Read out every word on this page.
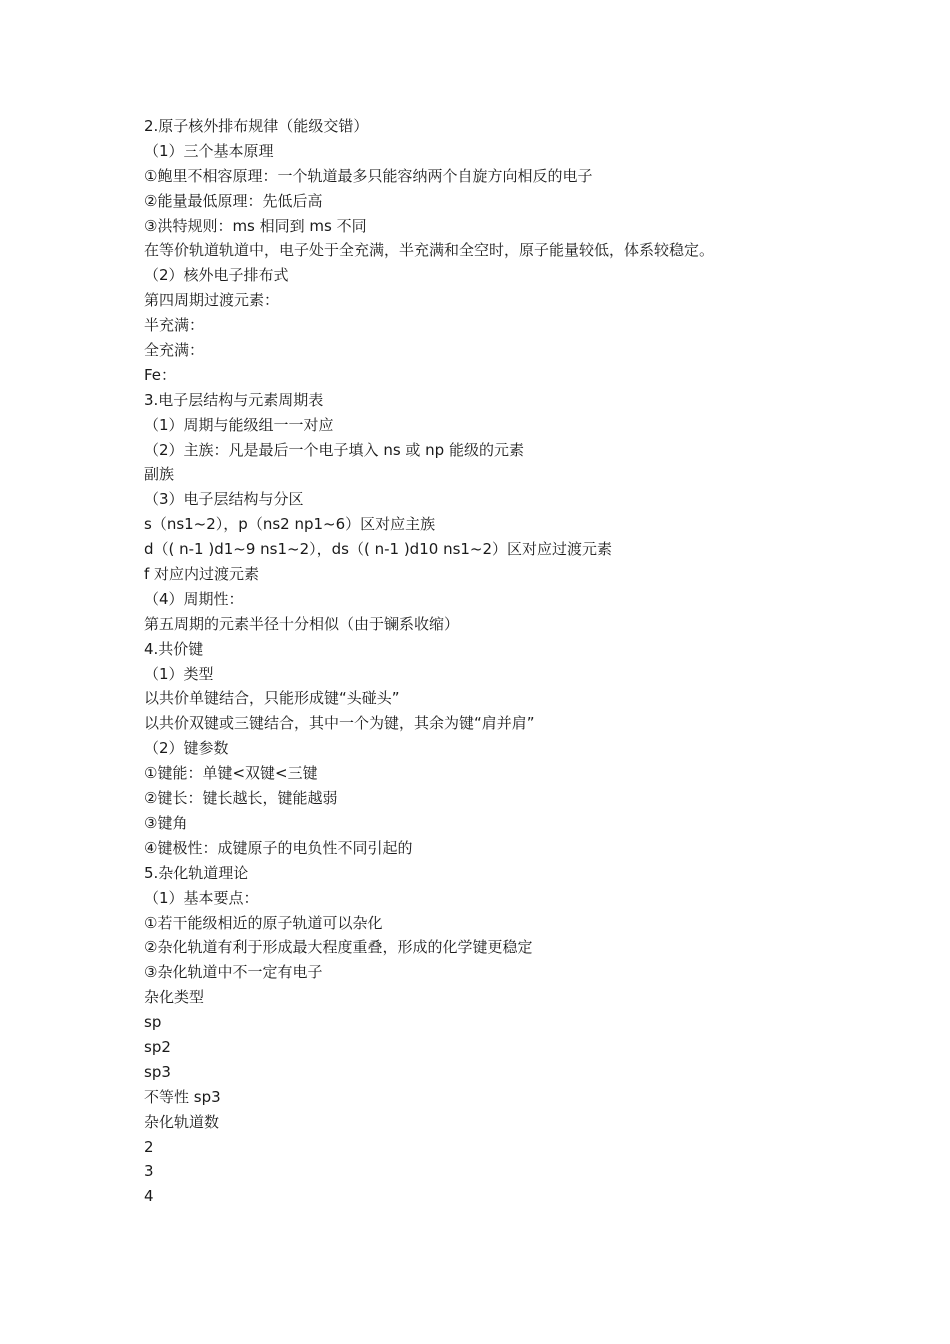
2.原子核外排布规律（能级交错）

（1）三个基本原理

①鲍里不相容原理：一个轨道最多只能容纳两个自旋方向相反的电子

②能量最低原理：先低后高

③洪特规则：ms 相同到 ms 不同

在等价轨道轨道中，电子处于全充满，半充满和全空时，原子能量较低，体系较稳定。

（2）核外电子排布式

第四周期过渡元素：

半充满：

全充满：

Fe：

3.电子层结构与元素周期表

（1）周期与能级组一一对应

（2）主族：凡是最后一个电子填入 ns 或 np 能级的元素

副族

（3）电子层结构与分区

s（ns1~2），p（ns2 np1~6）区对应主族

d（( n-1 )d1~9 ns1~2），ds（( n-1 )d10 ns1~2）区对应过渡元素

f 对应内过渡元素

（4）周期性：

第五周期的元素半径十分相似（由于镧系收缩）

4.共价键

（1）类型

以共价单键结合，只能形成键“头碰头”

以共价双键或三键结合，其中一个为键，其余为键“肩并肩”

（2）键参数

①键能：单键<双键<三键

②键长：键长越长，键能越弱

③键角

④键极性：成键原子的电负性不同引起的

5.杂化轨道理论

（1）基本要点：

①若干能级相近的原子轨道可以杂化

②杂化轨道有利于形成最大程度重叠，形成的化学键更稳定

③杂化轨道中不一定有电子

杂化类型

sp

sp2

sp3

不等性 sp3

杂化轨道数

2

3

4
